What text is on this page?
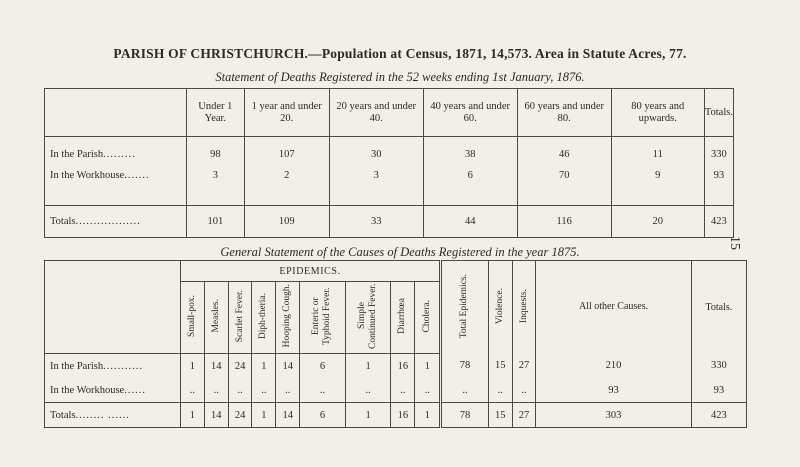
PARISH OF CHRISTCHURCH.—Population at Census, 1871, 14,573. Area in Statute Acres, 77.
Statement of Deaths Registered in the 52 weeks ending 1st January, 1876.
15
	Under 1 Year.	1 year and under 20.	20 years and under 40.	40 years and under 60.	60 years and under 80.	80 years and upwards.	Totals.

In the Parish.........	98	107	30	38	46	11	330
In the Workhouse.......	3	2	3	6	70	9	93

Totals..................	101	109	33	44	116	20	423
General Statement of the Causes of Deaths Registered in the year 1875.
	EPIDEMICS.									Total Epidemics.	Violence.	Inquests.	All other Causes.	Totals.
	Small-pox.	Measles.	Scarlet Fever.	Diph-theria.	Hooping Cough.	Enteric or Typhoid Fever.	Simple Continued Fever.	Diarrhœa	Cholera.					
In the Parish...........	1	14	24	1	14	6	1	16	1	78	15	27	210	330
In the Workhouse......	..	..	..	..	..	..	..	..	..	..	..	..	93	93
Totals........ ......	1	14	24	1	14	6	1	16	1	78	15	27	303	423
